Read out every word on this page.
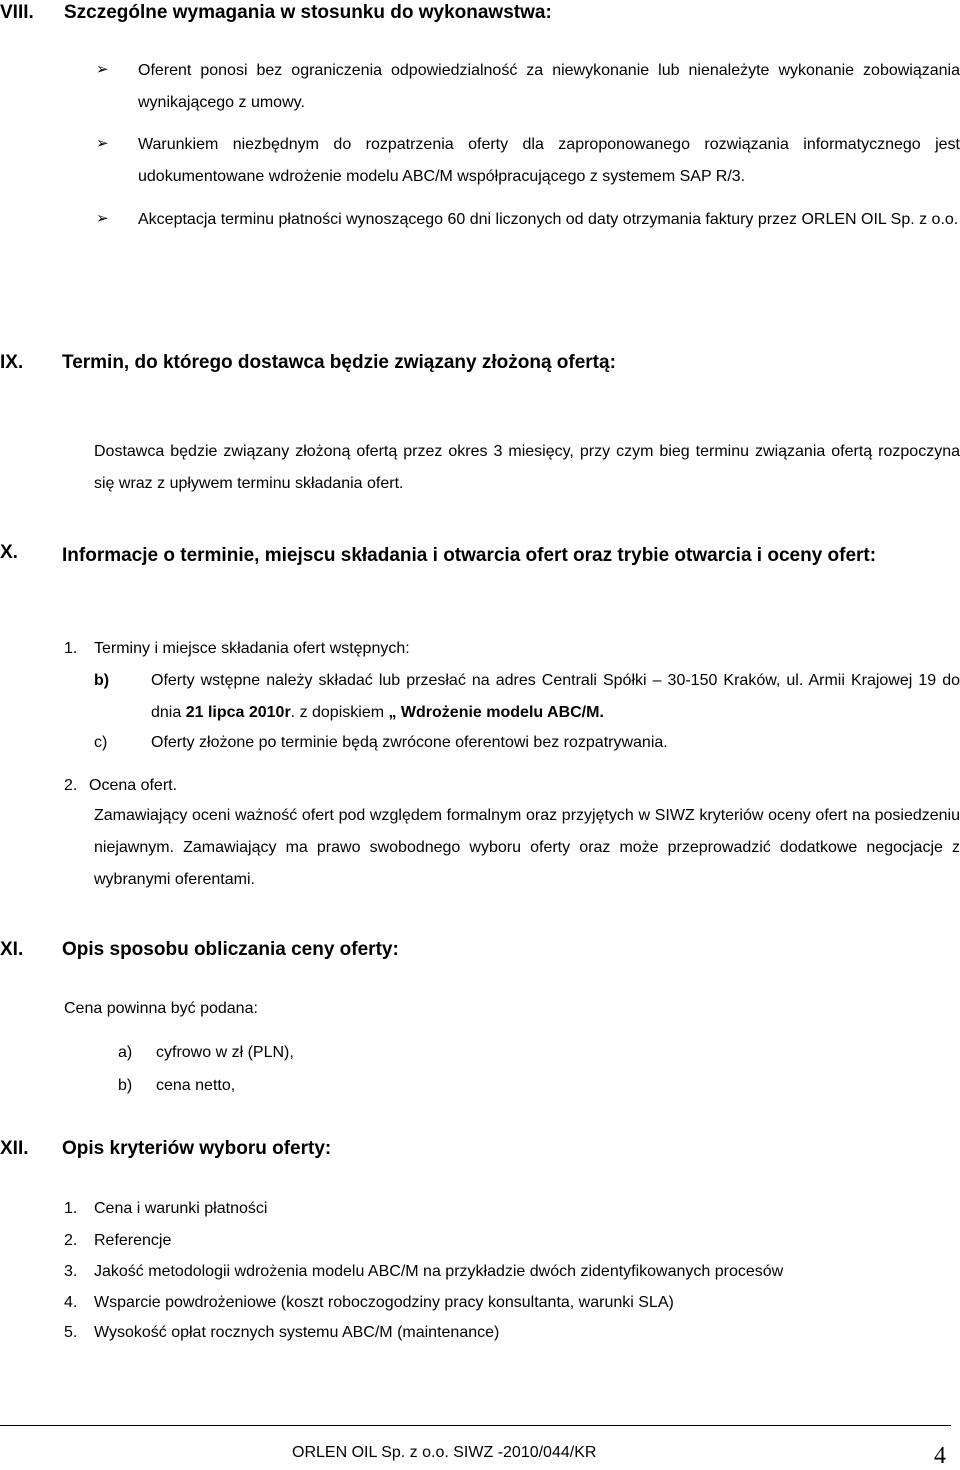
VIII. Szczególne wymagania w stosunku do wykonawstwa:
➢ Oferent ponosi bez ograniczenia odpowiedzialność za niewykonanie lub nienależyte wykonanie zobowiązania wynikającego z umowy.
➢ Warunkiem niezbędnym do rozpatrzenia oferty dla zaproponowanego rozwiązania informatycznego jest udokumentowane wdrożenie modelu ABC/M współpracującego z systemem SAP R/3.
➢ Akceptacja terminu płatności wynoszącego 60 dni liczonych od daty otrzymania faktury przez ORLEN OIL Sp. z o.o.
IX. Termin, do którego dostawca będzie związany złożoną ofertą:
Dostawca będzie związany złożoną ofertą przez okres 3 miesięcy, przy czym bieg terminu związania ofertą rozpoczyna się wraz z upływem terminu składania ofert.
X. Informacje o terminie, miejscu składania i otwarcia ofert oraz trybie otwarcia i oceny ofert:
1. Terminy i miejsce składania ofert wstępnych:
b)	Oferty wstępne należy składać lub przesłać na adres Centrali Spółki – 30-150 Kraków, ul. Armii Krajowej 19 do dnia 21 lipca 2010r. z dopiskiem „ Wdrożenie modelu ABC/M.
c)	Oferty złożone po terminie będą zwrócone oferentowi bez rozpatrywania.
2. Ocena ofert.
Zamawiający oceni ważność ofert pod względem formalnym oraz przyjętych w SIWZ kryteriów oceny ofert na posiedzeniu niejawnym. Zamawiający ma prawo swobodnego wyboru oferty oraz może przeprowadzić dodatkowe negocjacje z wybranymi oferentami.
XI. Opis sposobu obliczania ceny oferty:
Cena powinna być podana:
a) cyfrowo w zł (PLN),
b) cena netto,
XII. Opis kryteriów wyboru oferty:
1. Cena i warunki płatności
2. Referencje
3. Jakość metodologii wdrożenia modelu ABC/M na przykładzie dwóch zidentyfikowanych procesów
4. Wsparcie powdrożeniowe (koszt roboczogodziny pracy konsultanta, warunki SLA)
5. Wysokość opłat rocznych systemu ABC/M (maintenance)
ORLEN OIL Sp. z o.o. SIWZ -2010/044/KR	4
